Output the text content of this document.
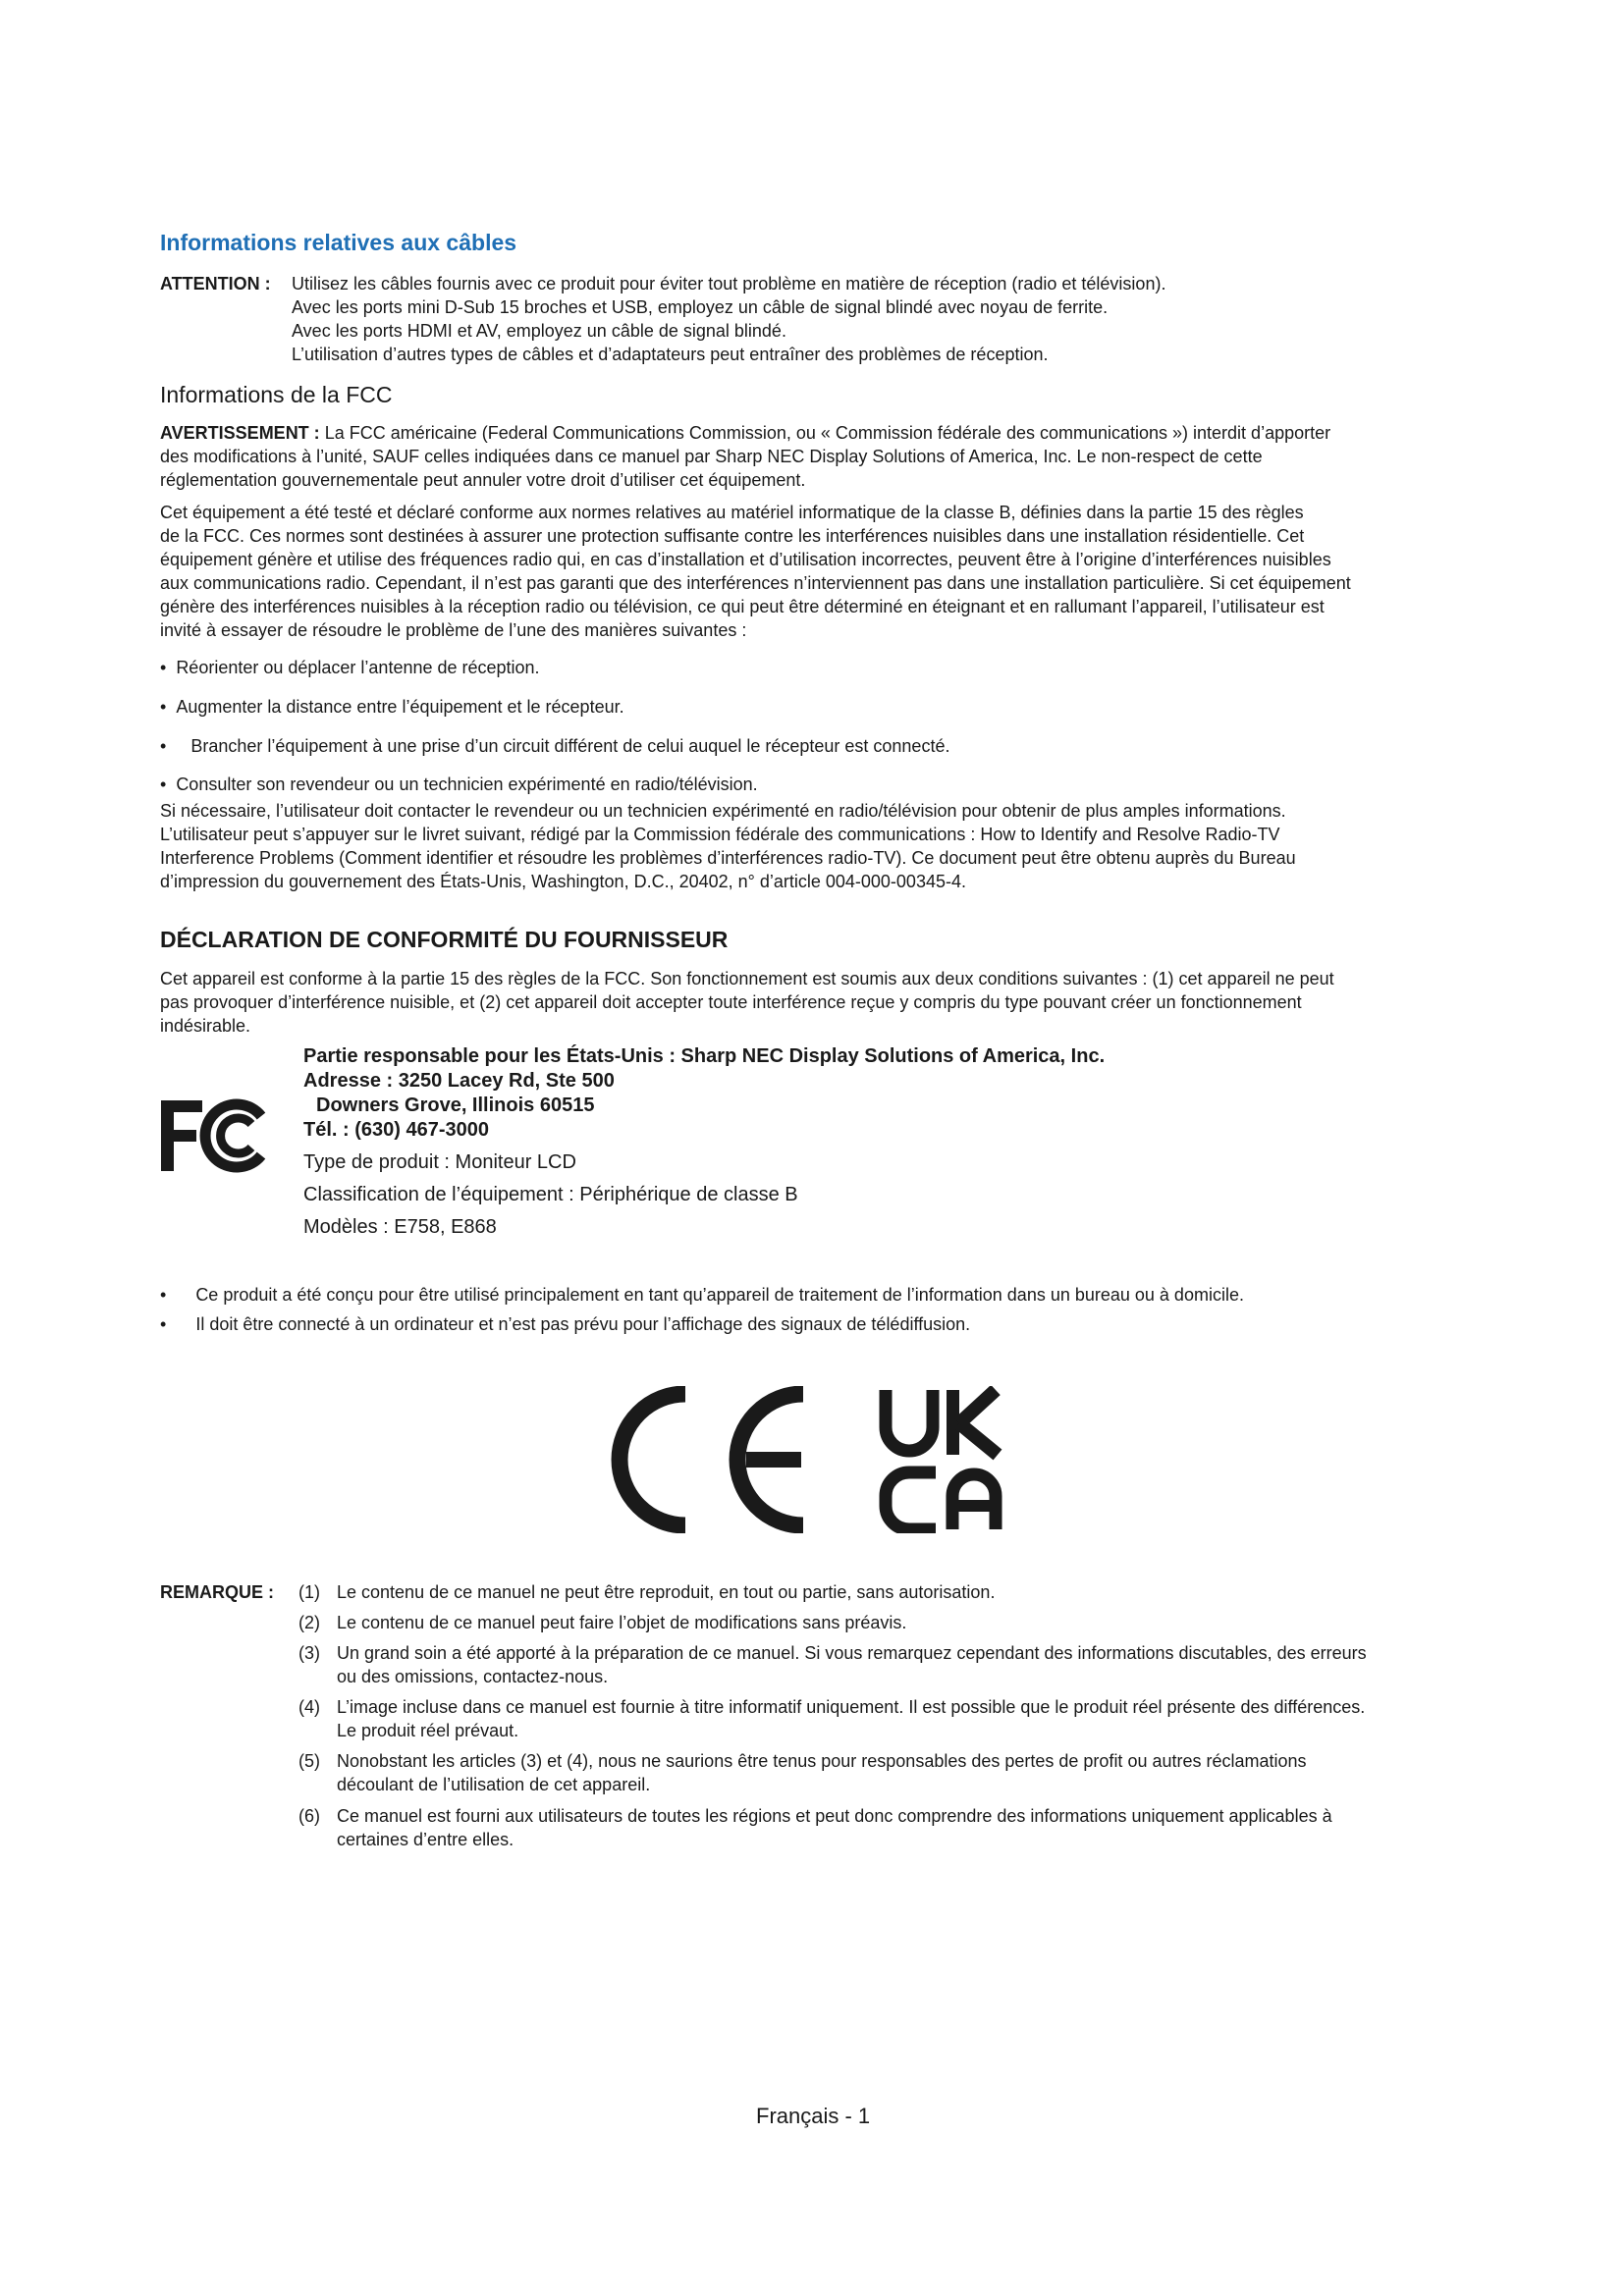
Informations relatives aux câbles
ATTENTION : Utilisez les câbles fournis avec ce produit pour éviter tout problème en matière de réception (radio et télévision).
Avec les ports mini D-Sub 15 broches et USB, employez un câble de signal blindé avec noyau de ferrite.
Avec les ports HDMI et AV, employez un câble de signal blindé.
L’utilisation d’autres types de câbles et d’adaptateurs peut entraîner des problèmes de réception.
Informations de la FCC

AVERTISSEMENT : La FCC américaine (Federal Communications Commission, ou « Commission fédérale des communications ») interdit d’apporter

des modifications à l’unité, SAUF celles indiquées dans ce manuel par Sharp NEC Display Solutions of America, Inc. Le non-respect de cette

réglementation gouvernementale peut annuler votre droit d’utiliser cet équipement.

Cet équipement a été testé et déclaré conforme aux normes relatives au matériel informatique de la classe B, définies dans la partie 15 des règles

de la FCC. Ces normes sont destinées à assurer une protection suffisante contre les interférences nuisibles dans une installation résidentielle. Cet

équipement génère et utilise des fréquences radio qui, en cas d’installation et d’utilisation incorrectes, peuvent être à l’origine d’interférences nuisibles

aux communications radio. Cependant, il n’est pas garanti que des interférences n’interviennent pas dans une installation particulière. Si cet équipement

génère des interférences nuisibles à la réception radio ou télévision, ce qui peut être déterminé en éteignant et en rallumant l’appareil, l’utilisateur est

invité à essayer de résoudre le problème de l’une des manières suivantes :

•  Réorienter ou déplacer l’antenne de réception.
•  Augmenter la distance entre l’équipement et le récepteur.
•     Brancher l’équipement à une prise d’un circuit différent de celui auquel le récepteur est connecté.
•  Consulter son revendeur ou un technicien expérimenté en radio/télévision.

Si nécessaire, l’utilisateur doit contacter le revendeur ou un technicien expérimenté en radio/télévision pour obtenir de plus amples informations.

L’utilisateur peut s’appuyer sur le livret suivant, rédigé par la Commission fédérale des communications : How to Identify and Resolve Radio-TV

Interference Problems (Comment identifier et résoudre les problèmes d’interférences radio-TV). Ce document peut être obtenu auprès du Bureau

d’impression du gouvernement des États-Unis, Washington, D.C., 20402, n° d’article 004-000-00345-4.

DÉCLARATION DE CONFORMITÉ DU FOURNISSEUR

Cet appareil est conforme à la partie 15 des règles de la FCC. Son fonctionnement est soumis aux deux conditions suivantes : (1) cet appareil ne peut

pas provoquer d’interférence nuisible, et (2) cet appareil doit accepter toute interférence reçue y compris du type pouvant créer un fonctionnement

indésirable.

Partie responsable pour les États-Unis : Sharp NEC Display Solutions of America, Inc.
Adresse : 3250 Lacey Rd, Ste 500
Downers Grove, Illinois 60515
Tél. : (630) 467-3000
Type de produit : Moniteur LCD
Classification de l’équipement : Périphérique de classe B
Modèles : E758, E868
•      Ce produit a été conçu pour être utilisé principalement en tant qu’appareil de traitement de l’information dans un bureau ou à domicile.
•      Il doit être connecté à un ordinateur et n’est pas prévu pour l’affichage des signaux de télédiffusion.
REMARQUE : (1) Le contenu de ce manuel ne peut être reproduit, en tout ou partie, sans autorisation.
(2) Le contenu de ce manuel peut faire l’objet de modifications sans préavis.
(3) Un grand soin a été apporté à la préparation de ce manuel. Si vous remarquez cependant des informations discutables, des erreurs
ou des omissions, contactez-nous.
(4) L’image incluse dans ce manuel est fournie à titre informatif uniquement. Il est possible que le produit réel présente des différences.
Le produit réel prévaut.
(5) Nonobstant les articles (3) et (4), nous ne saurions être tenus pour responsables des pertes de profit ou autres réclamations
découlant de l’utilisation de cet appareil.
(6) Ce manuel est fourni aux utilisateurs de toutes les régions et peut donc comprendre des informations uniquement applicables à
certaines d’entre elles.
Français - 1
